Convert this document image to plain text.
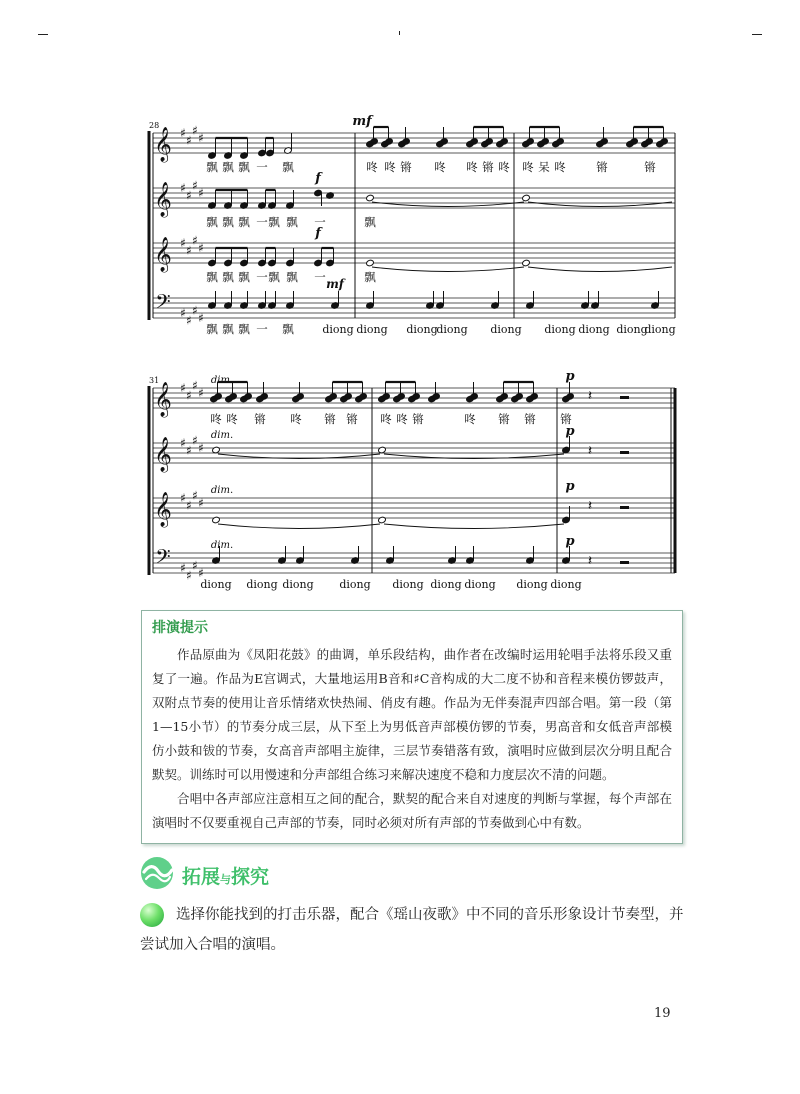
28
𝄞 ♯
♯
♯
♯
𝄞 ♯
♯
♯
♯
𝄞 ♯
♯
♯
♯
𝄢 ♯
♯
♯
♯
mf
f
f
mf
31
𝄞 ♯
♯
♯
♯
𝄞 ♯
♯
♯
♯
𝄞 ♯
♯
♯
♯
𝄢 ♯
♯
♯
♯
𝄽
dim.	p
dim.	p
dim.	p
dim.	p
𝄽
𝄽
𝄽
飘 飘 飘 一 飘	咚 咚 锵 咚 咚 锵 咚 咚 呆 咚	锵	锵
飘 飘 飘 一 飘 飘 一	飘
飘 飘 飘 一 飘 飘 一	飘
飘 飘 飘 一 飘	diong diong diong
diong diong diong diong diong
diong
咚 咚 锵 咚 锵 锵 咚 咚 锵	咚 锵 锵 锵
diong diong diong diong diong diong diong diong diong
排演提示

作品原曲为《凤阳花鼓》的曲调，单乐段结构，曲作者在改编时运用轮唱手法将乐段又重复了一遍。作品为E宫调式，大量地运用B音和♯C音构成的大二度不协和音程来模仿锣鼓声，双附点节奏的使用让音乐情绪欢快热闹、俏皮有趣。作品为无伴奏混声四部合唱。第一段（第1—15小节）的节奏分成三层，从下至上为男低音声部模仿锣的节奏，男高音和女低音声部模仿小鼓和钹的节奏，女高音声部唱主旋律，三层节奏错落有致，演唱时应做到层次分明且配合默契。训练时可以用慢速和分声部组合练习来解决速度不稳和力度层次不清的问题。

合唱中各声部应注意相互之间的配合，默契的配合来自对速度的判断与掌握，每个声部在演唱时不仅要重视自己声部的节奏，同时必须对所有声部的节奏做到心中有数。

拓展与探究

选择你能找到的打击乐器，配合《瑶山夜歌》中不同的音乐形象设计节奏型，并尝试加入合唱的演唱。

19
